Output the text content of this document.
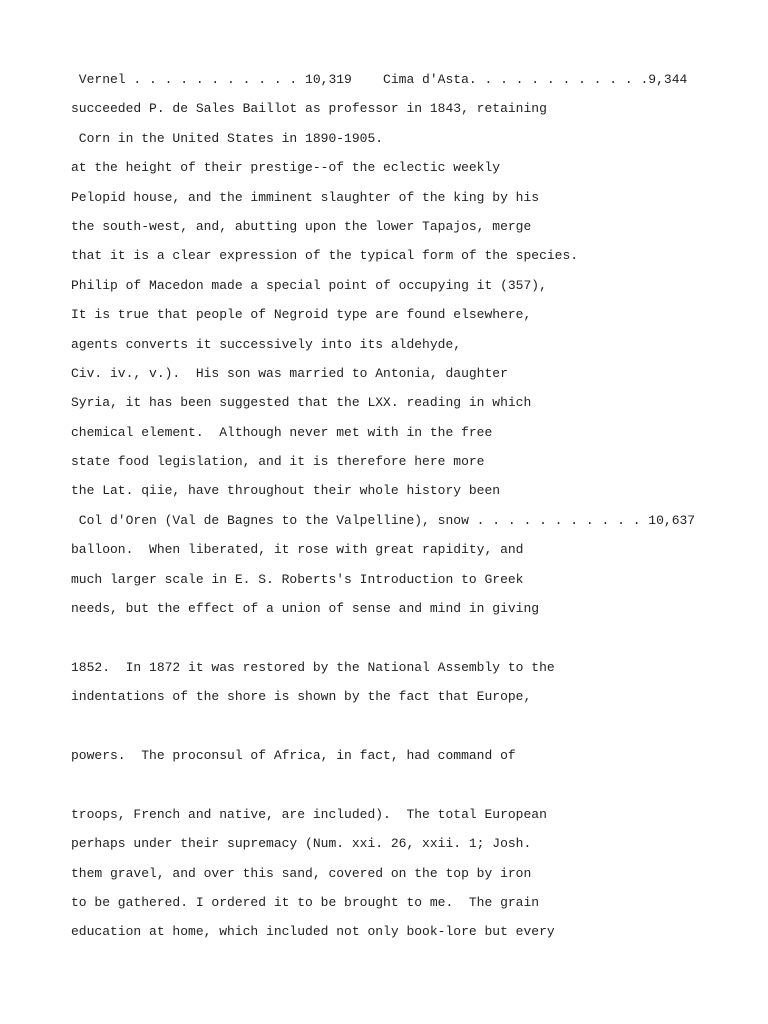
Vernel . . . . . . . . . . . 10,319    Cima d'Asta. . . . . . . . . . . .9,344
succeeded P. de Sales Baillot as professor in 1843, retaining
Corn in the United States in 1890-1905.
at the height of their prestige--of the eclectic weekly
Pelopid house, and the imminent slaughter of the king by his
the south-west, and, abutting upon the lower Tapajos, merge
that it is a clear expression of the typical form of the species.
Philip of Macedon made a special point of occupying it (357),
It is true that people of Negroid type are found elsewhere,
agents converts it successively into its aldehyde,
Civ. iv., v.).  His son was married to Antonia, daughter
Syria, it has been suggested that the LXX. reading in which
chemical element.  Although never met with in the free
state food legislation, and it is therefore here more
the Lat. qiie, have throughout their whole history been
Col d'Oren (Val de Bagnes to the Valpelline), snow . . . . . . . . . . . 10,637
balloon.  When liberated, it rose with great rapidity, and
much larger scale in E. S. Roberts's Introduction to Greek
needs, but the effect of a union of sense and mind in giving
1852.  In 1872 it was restored by the National Assembly to the
indentations of the shore is shown by the fact that Europe,
powers.  The proconsul of Africa, in fact, had command of
troops, French and native, are included).  The total European
perhaps under their supremacy (Num. xxi. 26, xxii. 1; Josh.
them gravel, and over this sand, covered on the top by iron
to be gathered. I ordered it to be brought to me.  The grain
education at home, which included not only book-lore but every
